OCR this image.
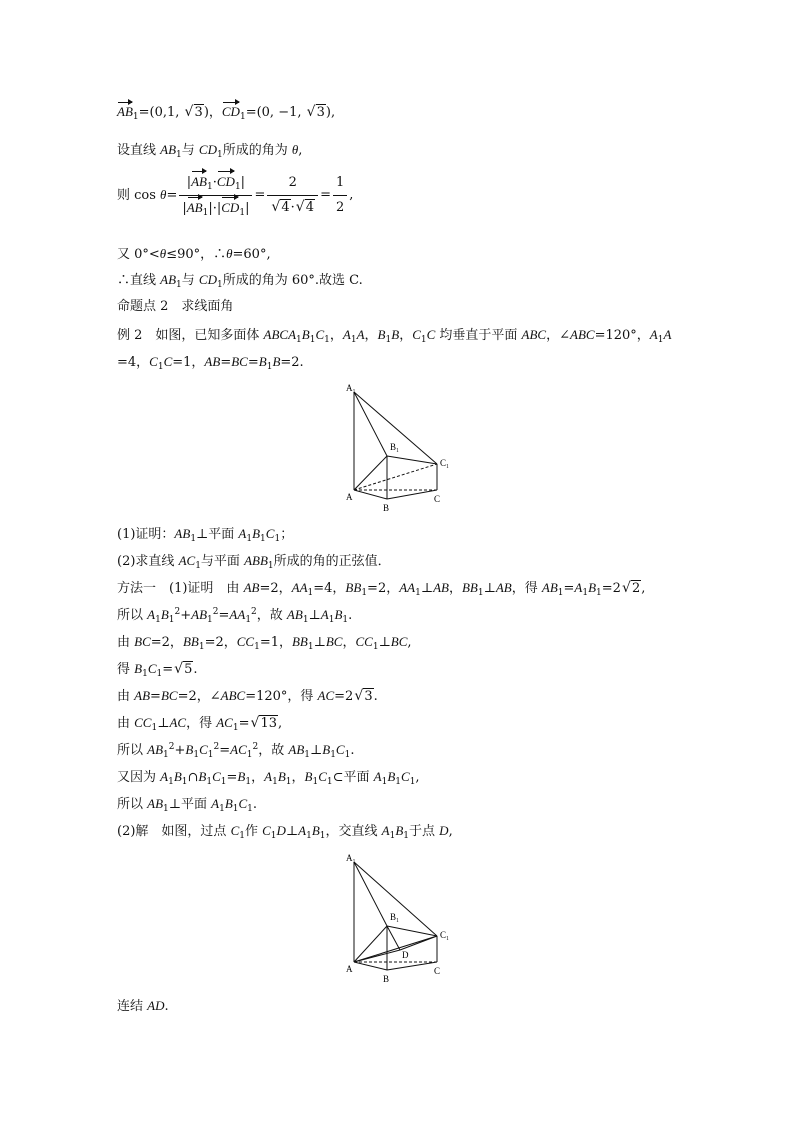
$AB_1=(0,1$, √ 3)，$CD_1=(0$, −1, √ 3),
设直线 $AB_1$与 $CD_1$所成的角为 θ,
则 $\cos \theta= \frac{|AB_1\cdot CD_1|}{|AB_1|\cdot|CD_1|} = 2$
√ 4·√ $4 = \frac{1}{2}$ ,
又 0°<θ≤90°，∴θ=60°,
∴直线 $AB_1$与 $CD_1$所成的角为 60°.故选 C.
命题点 2　求线面角
例 2　如图，已知多面体 $ABCA_1B_1C_1$，$A_1A$，$B_1B$，$C_1C$ 均垂直于平面 ABC，∠ABC=120°，$A_1A$
=4，$C_1C=1$，$AB=BC=B_1B=2$.
A₁
B₁
C₁
A
B
C
(1)证明：$AB_1\perp$平面 $A_1B_1C_1$；
(2)求直线 $AC_1$与平面 $ABB_1$所成的角的正弦值．
方法一　(1)证明　由 AB=2，$AA_1=4$，$BB_1=2$，$AA_1\perp AB$，$BB_1\perp AB$，得 $AB_1=A_1B_1=2√$ 2,
所以 $A_1B_1^2+AB_1^2=AA_1^2$，故 $AB_1\perp A_1B_1$.
由 BC=2，$BB_1=2$，$CC_1=1$，$BB_1\perp BC$，$CC_1\perp BC$,
得 $B_1C_1=√$ 5.
由 AB=BC=2，∠ABC=120°，得 AC=2√ 3.
由 $CC_1\perp AC$，得 $AC_1=√$ 13,
所以 $AB_1^2+B_1C_1^2=AC_1^2$，故 $AB_1\perp B_1C_1$.
又因为 $A_1B_1\cap B_1C_1=B_1$，$A_1B_1$，$B_1C_1\subset$平面 $A_1B_1C_1$,
所以 $AB_1\perp$平面 $A_1B_1C_1$.
(2)解　如图，过点 $C_1$作 $C_1D\perp A_1B_1$，交直线 $A_1B_1$于点 D,
A₁
B₁
C₁
A
B
C
D
连结 AD.
